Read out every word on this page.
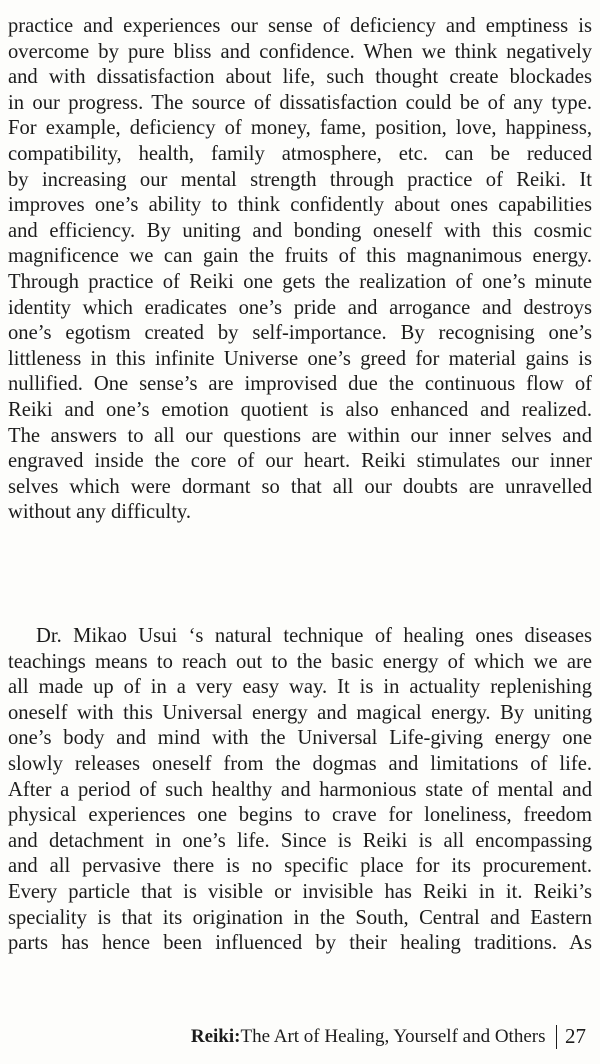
practice and experiences our sense of deficiency and emptiness is
overcome by pure bliss and confidence. When we think negatively
and with dissatisfaction about life, such thought create blockades
in our progress. The source of dissatisfaction could be of any type.
For example, deficiency of money, fame, position, love, happiness,
compatibility, health, family atmosphere, etc. can be reduced
by increasing our mental strength through practice of Reiki. It
improves one’s ability to think confidently about ones capabilities
and efficiency. By uniting and bonding oneself with this cosmic
magnificence we can gain the fruits of this magnanimous energy.
Through practice of Reiki one gets the realization of one’s minute
identity which eradicates one’s pride and arrogance and destroys
one’s egotism created by self-importance. By recognising one’s
littleness in this infinite Universe one’s greed for material gains is
nullified. One sense’s are improvised due the continuous flow of
Reiki and one’s emotion quotient is also enhanced and realized.
The answers to all our questions are within our inner selves and
engraved inside the core of our heart. Reiki stimulates our inner
selves which were dormant so that all our doubts are unravelled
without any difficulty.
Dr. Mikao Usui ‘s natural technique of healing ones diseases
teachings means to reach out to the basic energy of which we are
all made up of in a very easy way. It is in actuality replenishing
oneself with this Universal energy and magical energy. By uniting
one’s body and mind with the Universal Life-giving energy one
slowly releases oneself from the dogmas and limitations of life.
After a period of such healthy and harmonious state of mental and
physical experiences one begins to crave for loneliness, freedom
and detachment in one’s life. Since is Reiki is all encompassing
and all pervasive there is no specific place for its procurement.
Every particle that is visible or invisible has Reiki in it. Reiki’s
speciality is that its origination in the South, Central and Eastern
parts has hence been influenced by their healing traditions. As
Reiki: The Art of Healing, Yourself and Others 27
